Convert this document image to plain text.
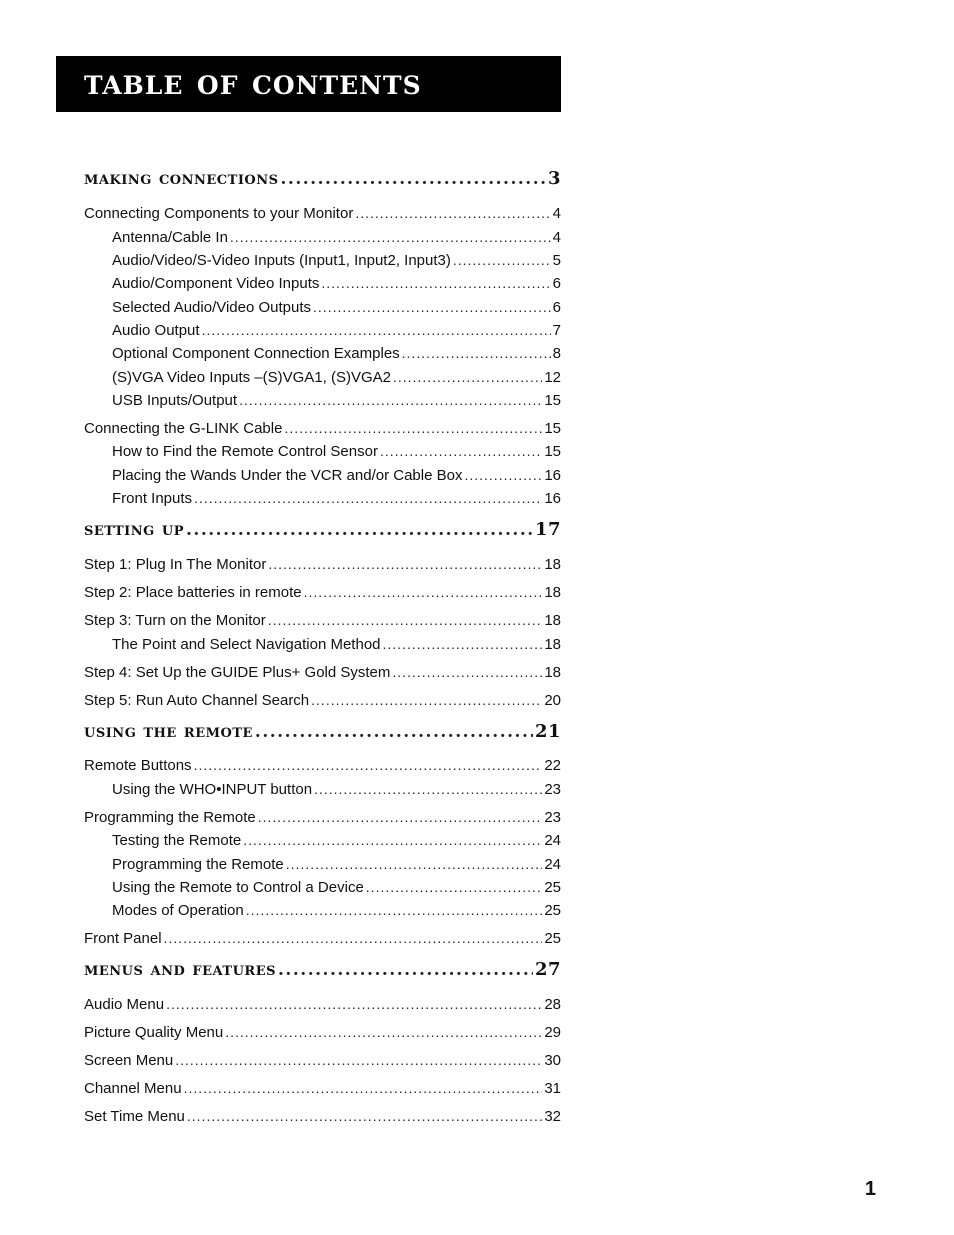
table of contents
making connections .....	3
Connecting Components to your Monitor .....	4
Antenna/Cable In .....	4
Audio/Video/S-Video Inputs (Input1, Input2, Input3) .....	5
Audio/Component Video Inputs .....	6
Selected Audio/Video Outputs .....	6
Audio Output .....	7
Optional Component Connection Examples .....	8
(S)VGA Video Inputs –(S)VGA1, (S)VGA2 .....	12
USB Inputs/Output .....	15
Connecting the G-LINK Cable .....	15
How to Find the Remote Control Sensor .....	15
Placing the Wands Under the VCR and/or Cable Box .....	16
Front Inputs .....	16
setting up .....	17
Step 1: Plug In The Monitor .....	18
Step 2: Place batteries in remote .....	18
Step 3: Turn on the Monitor .....	18
The Point and Select Navigation Method .....	18
Step 4: Set Up the GUIDE Plus+ Gold System .....	18
Step 5: Run Auto Channel Search .....	20
using the remote .....	21
Remote Buttons .....	22
Using the WHO•INPUT button .....	23
Programming the Remote .....	23
Testing the Remote .....	24
Programming the Remote .....	24
Using the Remote to Control a Device .....	25
Modes of Operation .....	25
Front Panel .....	25
menus and features .....	27
Audio Menu .....	28
Picture Quality Menu .....	29
Screen Menu .....	30
Channel Menu .....	31
Set Time Menu .....	32
1
